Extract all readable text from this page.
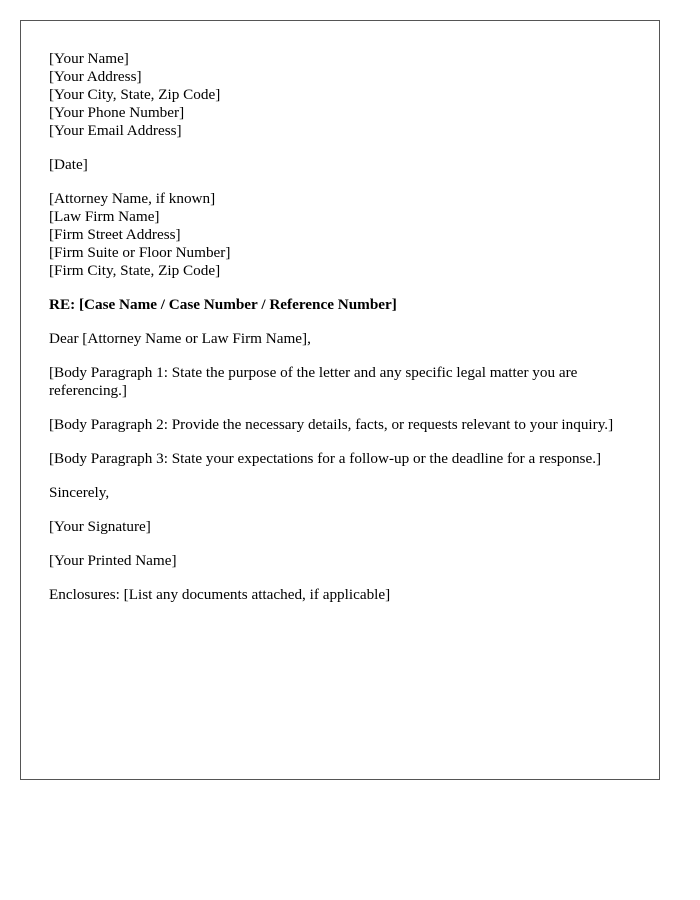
[Your Name]
[Your Address]
[Your City, State, Zip Code]
[Your Phone Number]
[Your Email Address]

[Date]

[Attorney Name, if known]
[Law Firm Name]
[Firm Street Address]
[Firm Suite or Floor Number]
[Firm City, State, Zip Code]

RE: [Case Name / Case Number / Reference Number]

Dear [Attorney Name or Law Firm Name],

[Body Paragraph 1: State the purpose of the letter and any specific legal matter you are referencing.]

[Body Paragraph 2: Provide the necessary details, facts, or requests relevant to your inquiry.]

[Body Paragraph 3: State your expectations for a follow-up or the deadline for a response.]

Sincerely,

[Your Signature]

[Your Printed Name]

Enclosures: [List any documents attached, if applicable]
